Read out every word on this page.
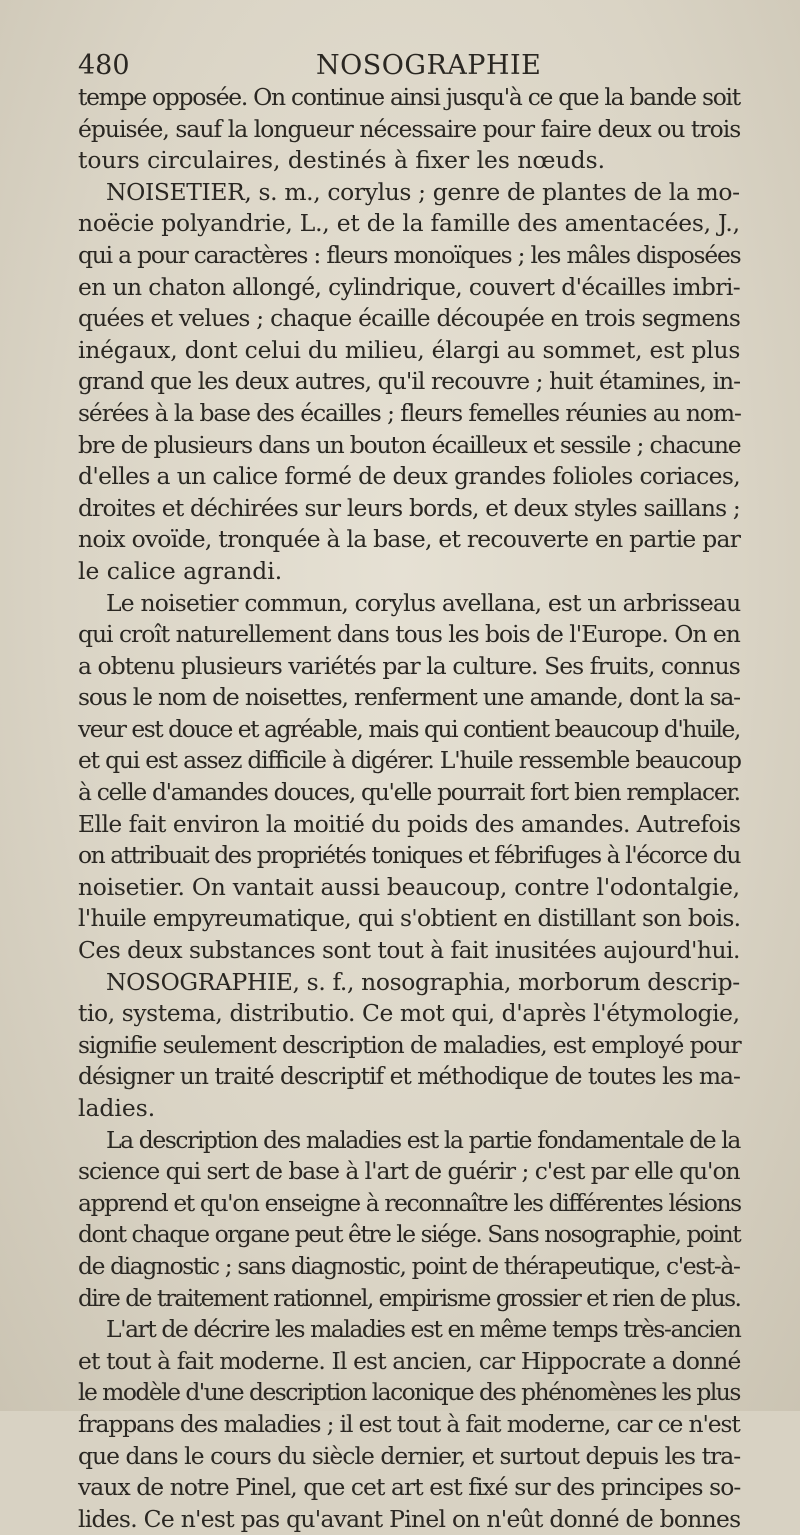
480	NOSOGRAPHIE
tempe opposée. On continue ainsi jusqu'à ce que la bande soit
épuisée, sauf la longueur nécessaire pour faire deux ou trois
tours circulaires, destinés à fixer les nœuds.
NOISETIER, s. m., corylus ; genre de plantes de la mo-
noëcie polyandrie, L., et de la famille des amentacées, J.,
qui a pour caractères : fleurs monoïques ; les mâles disposées
en un chaton allongé, cylindrique, couvert d'écailles imbri-
quées et velues ; chaque écaille découpée en trois segmens
inégaux, dont celui du milieu, élargi au sommet, est plus
grand que les deux autres, qu'il recouvre ; huit étamines, in-
sérées à la base des écailles ; fleurs femelles réunies au nom-
bre de plusieurs dans un bouton écailleux et sessile ; chacune
d'elles a un calice formé de deux grandes folioles coriaces,
droites et déchirées sur leurs bords, et deux styles saillans ;
noix ovoïde, tronquée à la base, et recouverte en partie par
le calice agrandi.
Le noisetier commun, corylus avellana, est un arbrisseau
qui croît naturellement dans tous les bois de l'Europe. On en
a obtenu plusieurs variétés par la culture. Ses fruits, connus
sous le nom de noisettes, renferment une amande, dont la sa-
veur est douce et agréable, mais qui contient beaucoup d'huile,
et qui est assez difficile à digérer. L'huile ressemble beaucoup
à celle d'amandes douces, qu'elle pourrait fort bien remplacer.
Elle fait environ la moitié du poids des amandes. Autrefois
on attribuait des propriétés toniques et fébrifuges à l'écorce du
noisetier. On vantait aussi beaucoup, contre l'odontalgie,
l'huile empyreumatique, qui s'obtient en distillant son bois.
Ces deux substances sont tout à fait inusitées aujourd'hui.
NOSOGRAPHIE, s. f., nosographia, morborum descrip-
tio, systema, distributio. Ce mot qui, d'après l'étymologie,
signifie seulement description de maladies, est employé pour
désigner un traité descriptif et méthodique de toutes les ma-
ladies.
La description des maladies est la partie fondamentale de la
science qui sert de base à l'art de guérir ; c'est par elle qu'on
apprend et qu'on enseigne à reconnaître les différentes lésions
dont chaque organe peut être le siége. Sans nosographie, point
de diagnostic ; sans diagnostic, point de thérapeutique, c'est-à-
dire de traitement rationnel, empirisme grossier et rien de plus.
L'art de décrire les maladies est en même temps très-ancien
et tout à fait moderne. Il est ancien, car Hippocrate a donné
le modèle d'une description laconique des phénomènes les plus
frappans des maladies ; il est tout à fait moderne, car ce n'est
que dans le cours du siècle dernier, et surtout depuis les tra-
vaux de notre Pinel, que cet art est fixé sur des principes so-
lides. Ce n'est pas qu'avant Pinel on n'eût donné de bonnes
